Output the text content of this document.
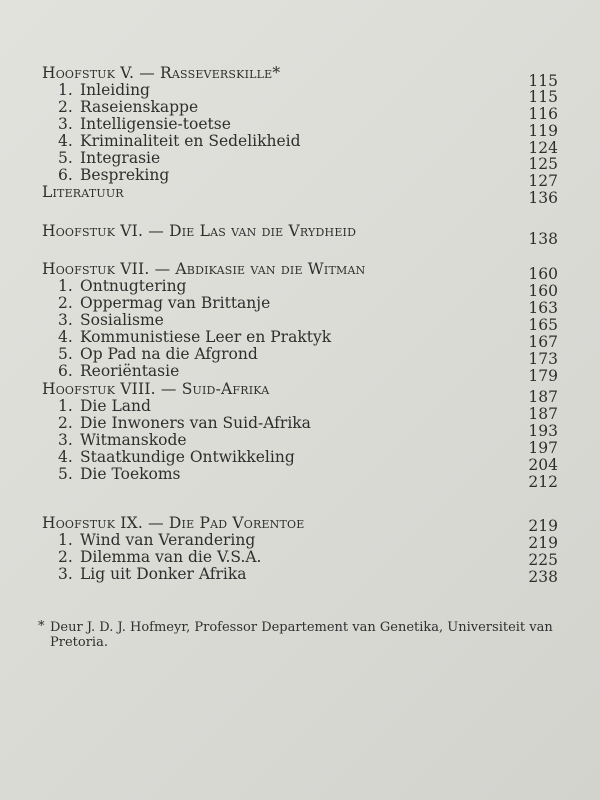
Hoofstuk V. — Rasseverskille*	115
1. Inleiding	115
2. Raseienskappe	116
3. Intelligensie-toetse	119
4. Kriminaliteit en Sedelikheid	124
5. Integrasie	125
6. Bespreking	127
Literatuur	136
Hoofstuk VI. — Die Las van die Vrydheid	138
Hoofstuk VII. — Abdikasie van die Witman	160
1. Ontnugtering	160
2. Oppermag van Brittanje	163
3. Sosialisme	165
4. Kommunistiese Leer en Praktyk	167
5. Op Pad na die Afgrond	173
6. Reoriëntasie	179
Hoofstuk VIII. — Suid-Afrika	187
1. Die Land	187
2. Die Inwoners van Suid-Afrika	193
3. Witmanskode	197
4. Staatkundige Ontwikkeling	204
5. Die Toekoms	212
Hoofstuk IX. — Die Pad Vorentoe	219
1. Wind van Verandering	219
2. Dilemma van die V.S.A.	225
3. Lig uit Donker Afrika	238
* Deur J. D. J. Hofmeyr, Professor Departement van Genetika, Universiteit van Pretoria.
